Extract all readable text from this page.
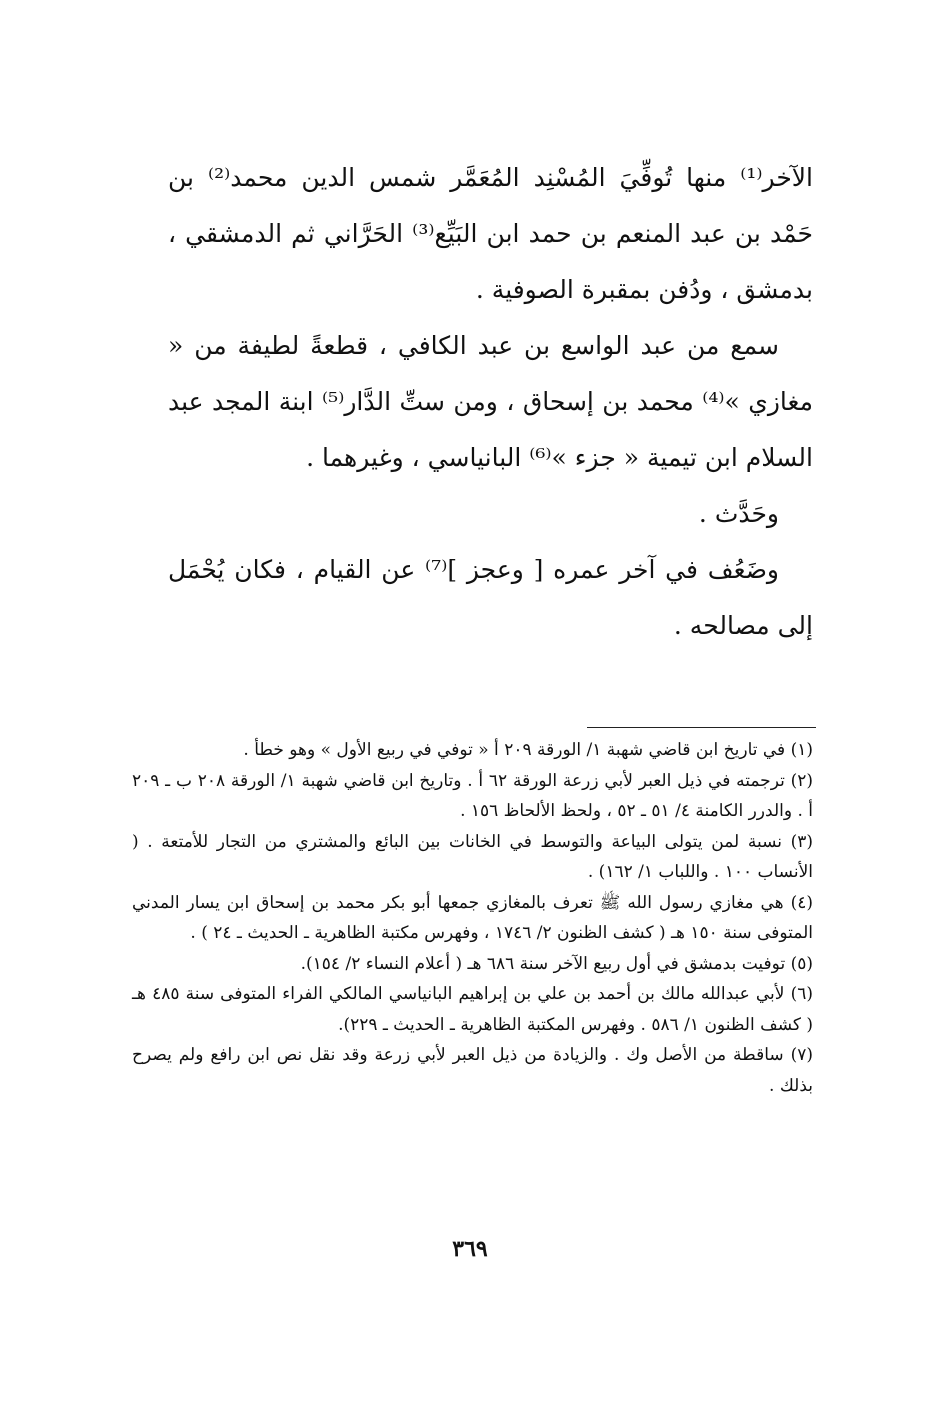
الآخر⁽¹⁾ منها تُوفِّيَ المُسْنِد المُعَمَّر شمس الدين محمد⁽²⁾ بن حَمْد بن عبد المنعم بن حمد ابن البَيِّع⁽³⁾ الحَرَّاني ثم الدمشقي ، بدمشق ، ودُفن بمقبرة الصوفية .

سمع من عبد الواسع بن عبد الكافي ، قطعةً لطيفة من « مغازي »⁽⁴⁾ محمد بن إسحاق ، ومن ستِّ الدَّار⁽⁵⁾ ابنة المجد عبد السلام ابن تيمية « جزء »⁽⁶⁾ البانياسي ، وغيرهما .

وحَدَّث .

وضَعُف في آخر عمره [ وعجز ]⁽⁷⁾ عن القيام ، فكان يُحْمَل إلى مصالحه .

(١) في تاريخ ابن قاضي شهبة ١/ الورقة ٢٠٩ أ « توفي في ربيع الأول » وهو خطأ .

(٢) ترجمته في ذيل العبر لأبي زرعة الورقة ٦٢ أ . وتاريخ ابن قاضي شهبة ١/ الورقة ٢٠٨ ب ـ ٢٠٩ أ . والدرر الكامنة ٤/ ٥١ ـ ٥٢ ، ولحظ الألحاظ ١٥٦ .

(٣) نسبة لمن يتولى البياعة والتوسط في الخانات بين البائع والمشتري من التجار للأمتعة . ( الأنساب ١٠٠ . واللباب ١/ ١٦٢) .

(٤) هي مغازي رسول الله ﷺ تعرف بالمغازي جمعها أبو بكر محمد بن إسحاق ابن يسار المدني المتوفى سنة ١٥٠ هـ ( كشف الظنون ٢/ ١٧٤٦ ، وفهرس مكتبة الظاهرية ـ الحديث ـ ٢٤ ) .

(٥) توفيت بدمشق في أول ربيع الآخر سنة ٦٨٦ هـ ( أعلام النساء ٢/ ١٥٤).

(٦) لأبي عبدالله مالك بن أحمد بن علي بن إبراهيم البانياسي المالكي الفراء المتوفى سنة ٤٨٥ هـ ( كشف الظنون ١/ ٥٨٦ . وفهرس المكتبة الظاهرية ـ الحديث ـ ٢٢٩).

(٧) ساقطة من الأصل وك . والزيادة من ذيل العبر لأبي زرعة وقد نقل نص ابن رافع ولم يصرح بذلك .

٣٦٩
